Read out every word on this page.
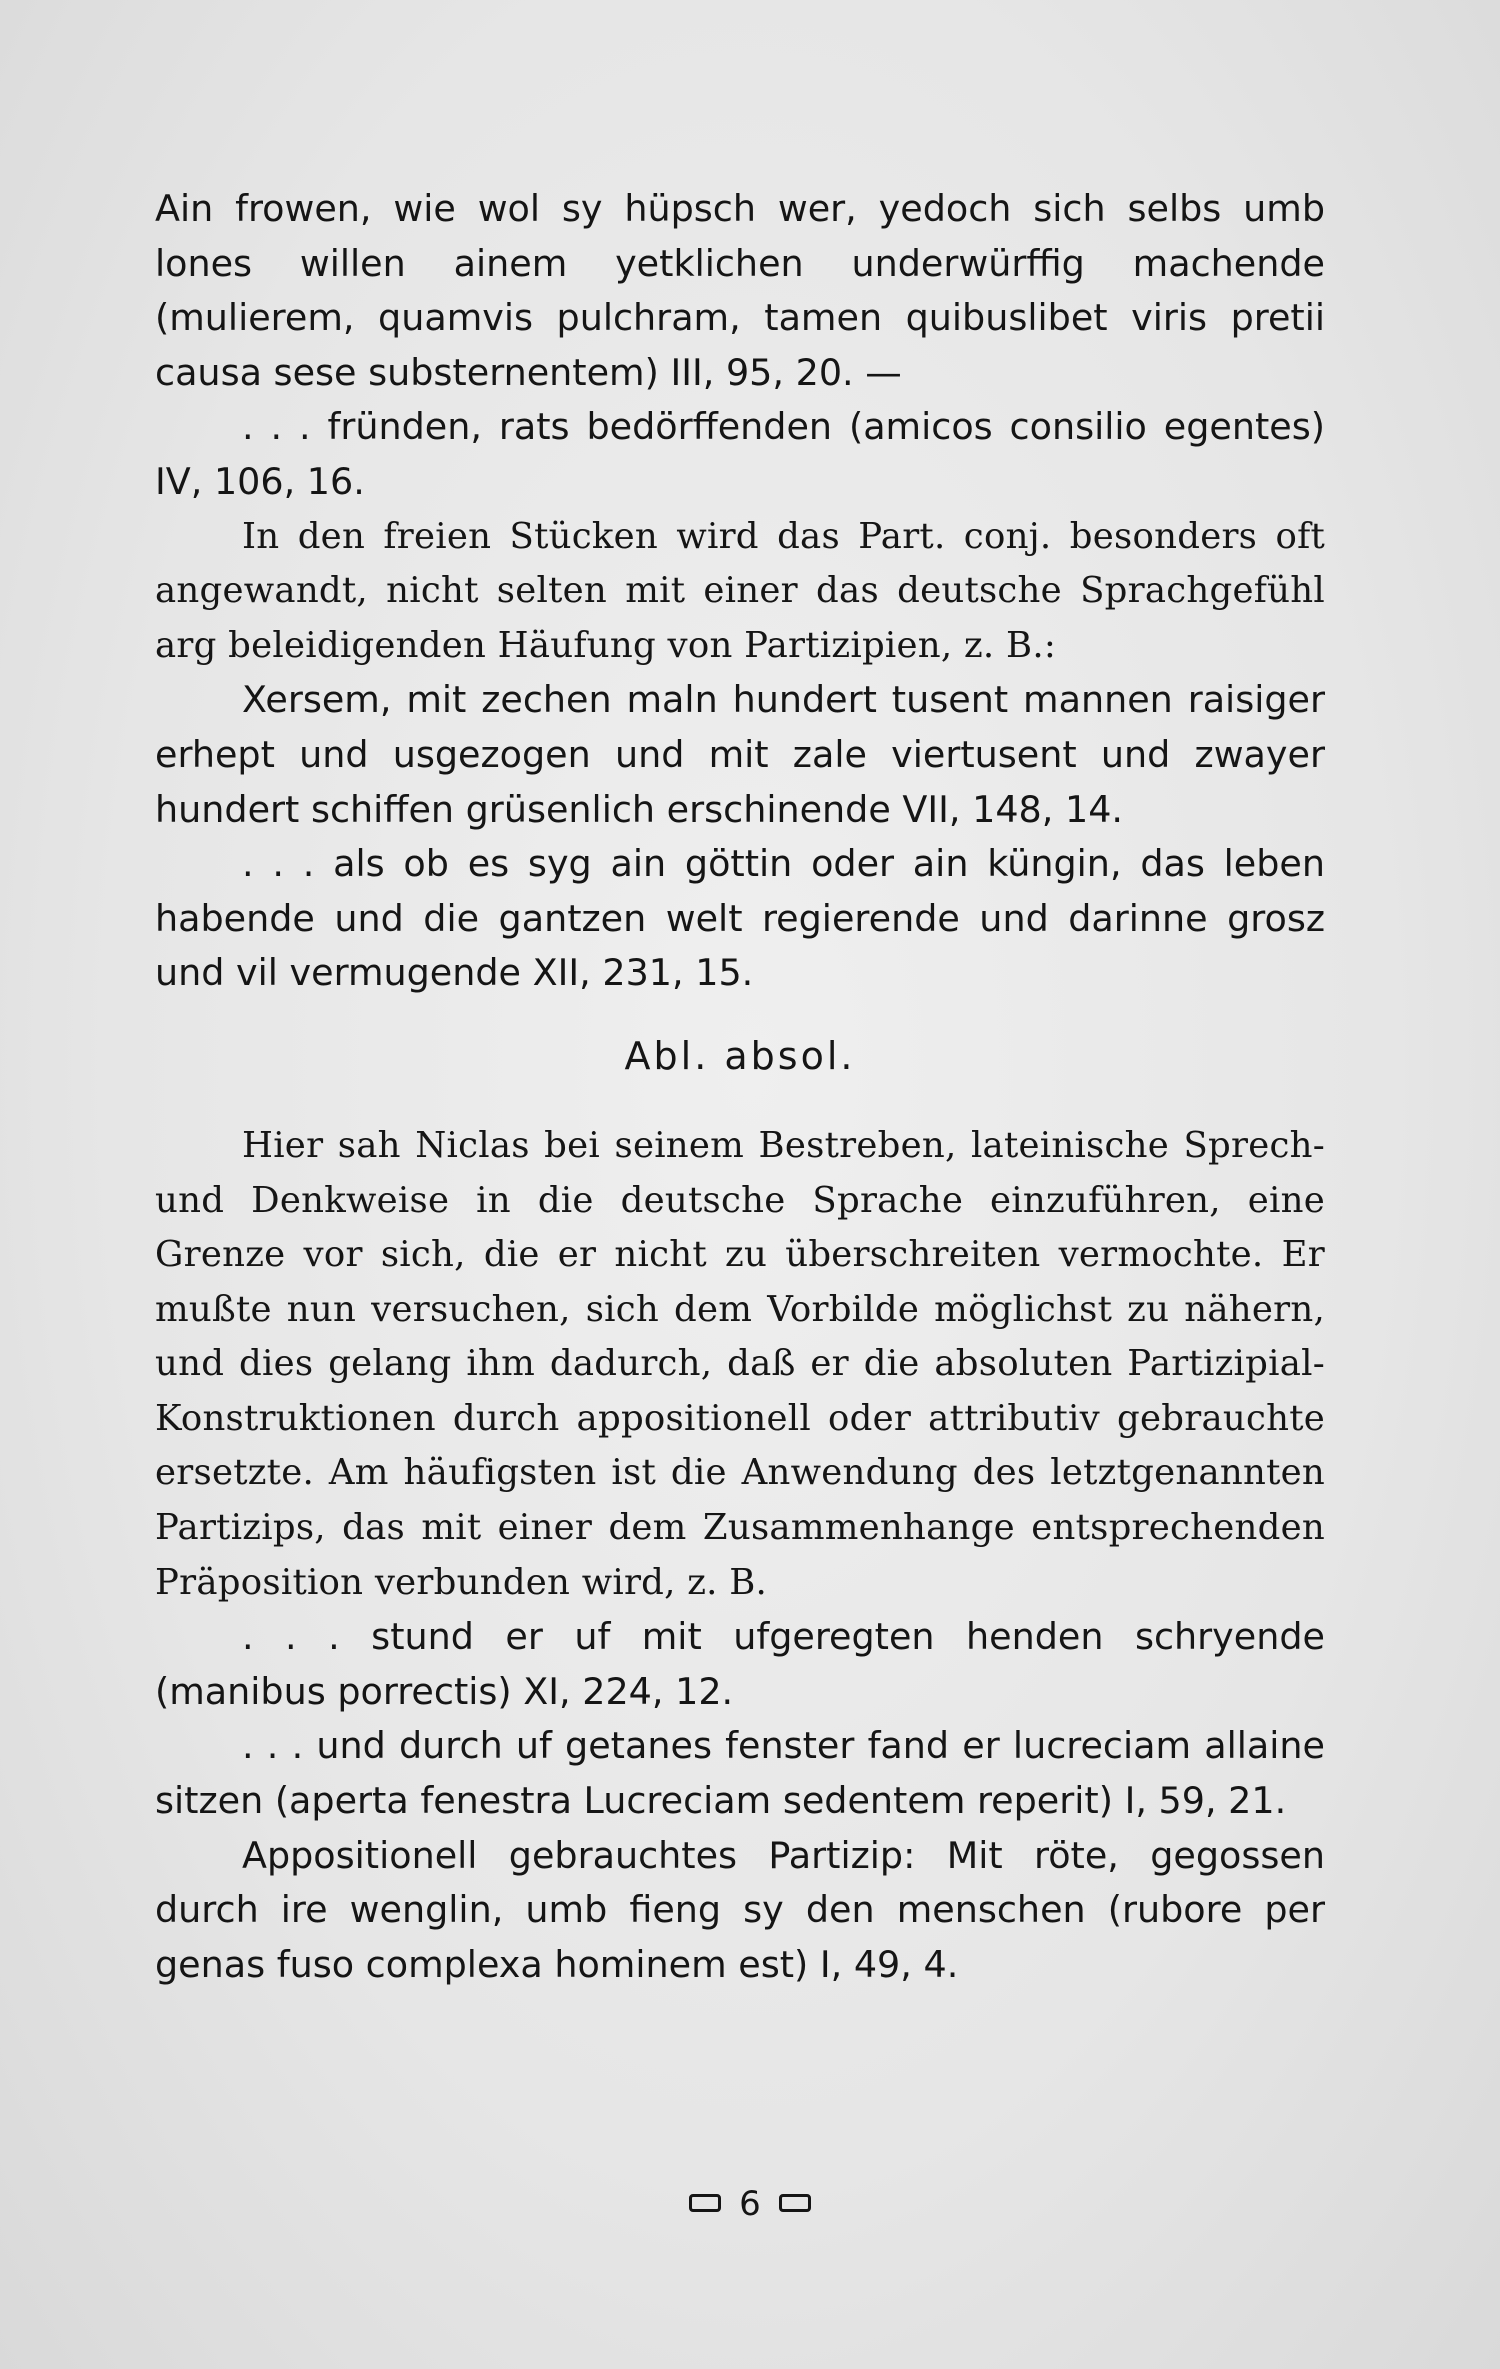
Ain frowen, wie wol sy hüpsch wer, yedoch sich selbs umb lones willen ainem yetklichen underwürffig machende (mulierem, quamvis pulchram, tamen quibuslibet viris pretii causa sese substernentem) III, 95, 20. —

. . . fründen, rats bedörffenden (amicos consilio egentes) IV, 106, 16.

In den freien Stücken wird das Part. conj. besonders oft angewandt, nicht selten mit einer das deutsche Sprachgefühl arg beleidigenden Häufung von Partizipien, z. B.:

Xersem, mit zechen maln hundert tusent mannen raisiger erhept und usgezogen und mit zale viertusent und zwayer hundert schiffen grüsenlich erschinende VII, 148, 14.

. . . als ob es syg ain göttin oder ain küngin, das leben habende und die gantzen welt regierende und darinne grosz und vil vermugende XII, 231, 15.

Abl. absol.

Hier sah Niclas bei seinem Bestreben, lateinische Sprech- und Denkweise in die deutsche Sprache einzuführen, eine Grenze vor sich, die er nicht zu überschreiten vermochte. Er mußte nun versuchen, sich dem Vorbilde möglichst zu nähern, und dies gelang ihm dadurch, daß er die absoluten Partizipial-Konstruktionen durch appositionell oder attributiv gebrauchte ersetzte. Am häufigsten ist die Anwendung des letztgenannten Partizips, das mit einer dem Zusammenhange entsprechenden Präposition verbunden wird, z. B.

. . . stund er uf mit ufgeregten henden schryende (manibus porrectis) XI, 224, 12.

. . . und durch uf getanes fenster fand er lucreciam allaine sitzen (aperta fenestra Lucreciam sedentem reperit) I, 59, 21.

Appositionell gebrauchtes Partizip: Mit röte, gegossen durch ire wenglin, umb fieng sy den menschen (rubore per genas fuso complexa hominem est) I, 49, 4.

6
